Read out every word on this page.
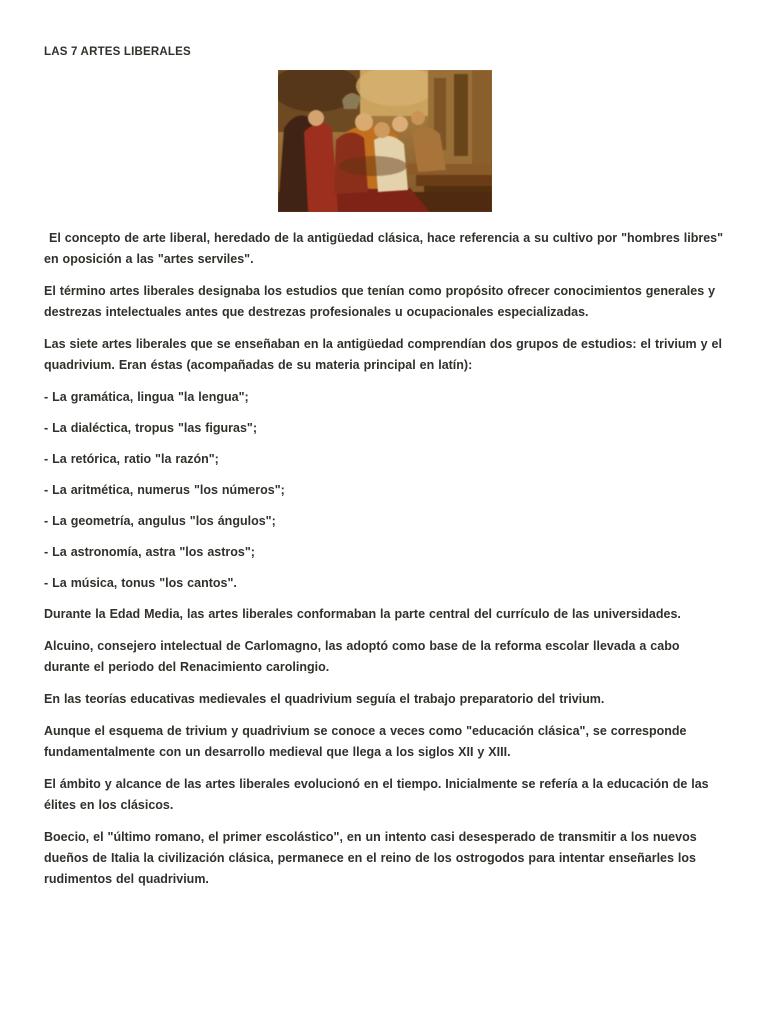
LAS 7 ARTES LIBERALES

El concepto de arte liberal, heredado de la antigüedad clásica, hace referencia a su cultivo por "hombres libres" en oposición a las "artes serviles".

El término artes liberales designaba los estudios que tenían como propósito ofrecer conocimientos generales y destrezas intelectuales antes que destrezas profesionales u ocupacionales especializadas.

Las siete artes liberales que se enseñaban en la antigüedad comprendían dos grupos de estudios: el trivium y el quadrivium. Eran éstas (acompañadas de su materia principal en latín):

- La gramática, lingua "la lengua";

- La dialéctica, tropus "las figuras";

- La retórica, ratio "la razón";

- La aritmética, numerus "los números";

- La geometría, angulus "los ángulos";

- La astronomía, astra "los astros";

- La música, tonus "los cantos".

Durante la Edad Media, las artes liberales conformaban la parte central del currículo de las universidades.

Alcuino, consejero intelectual de Carlomagno, las adoptó como base de la reforma escolar llevada a cabo durante el periodo del Renacimiento carolingio.

En las teorías educativas medievales el quadrivium seguía el trabajo preparatorio del trivium.

Aunque el esquema de trivium y quadrivium se conoce a veces como "educación clásica", se corresponde fundamentalmente con un desarrollo medieval que llega a los siglos XII y XIII.

El ámbito y alcance de las artes liberales evolucionó en el tiempo. Inicialmente se refería a la educación de las élites en los clásicos.

Boecio, el "último romano, el primer escolástico", en un intento casi desesperado de transmitir a los nuevos dueños de Italia la civilización clásica, permanece en el reino de los ostrogodos para intentar enseñarles los rudimentos del quadrivium.
